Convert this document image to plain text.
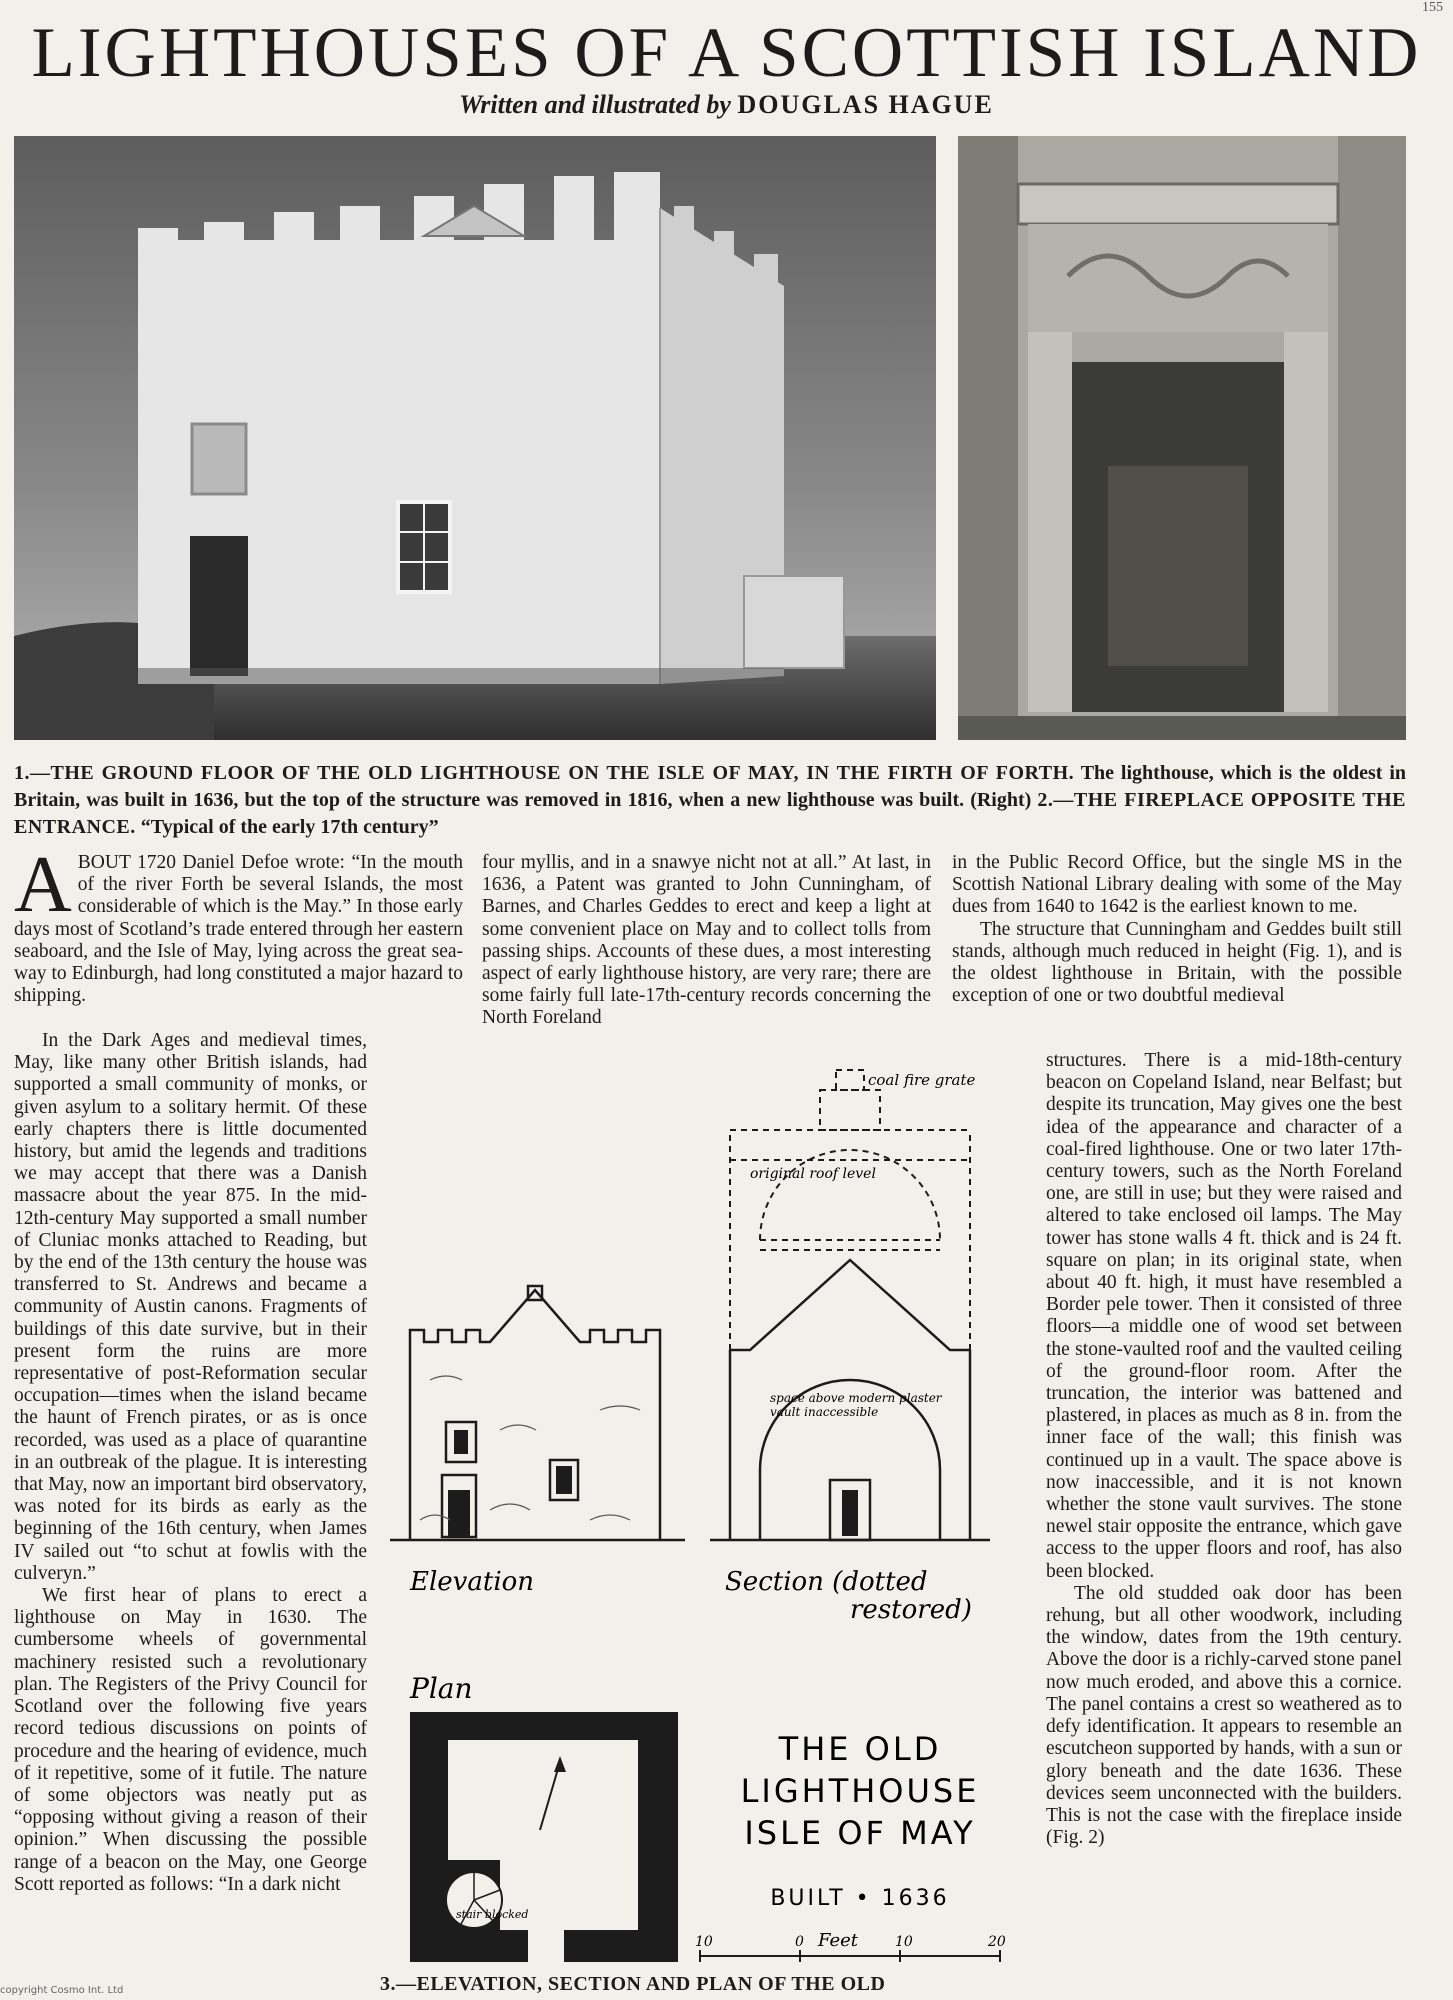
155
LIGHTHOUSES OF A SCOTTISH ISLAND
Written and illustrated by DOUGLAS HAGUE
1.—THE GROUND FLOOR OF THE OLD LIGHTHOUSE ON THE ISLE OF MAY, IN THE FIRTH OF FORTH. The lighthouse, which is the oldest in Britain, was built in 1636, but the top of the structure was removed in 1816, when a new lighthouse was built. (Right) 2.—THE FIREPLACE OPPOSITE THE ENTRANCE. “Typical of the early 17th century”

ABOUT 1720 Daniel Defoe wrote: “In the mouth of the river Forth be several Islands, the most considerable of which is the May.” In those early days most of Scotland’s trade entered through her eastern seaboard, and the Isle of May, lying across the great sea-way to Edinburgh, had long constituted a major hazard to shipping.

In the Dark Ages and medieval times, May, like many other British islands, had supported a small community of monks, or given asylum to a solitary hermit. Of these early chapters there is little documented history, but amid the legends and traditions we may accept that there was a Danish massacre about the year 875. In the mid-12th-century May supported a small number of Cluniac monks attached to Reading, but by the end of the 13th century the house was transferred to St. Andrews and became a community of Austin canons. Fragments of buildings of this date survive, but in their present form the ruins are more representative of post-Reformation secular occupation—times when the island became the haunt of French pirates, or as is once recorded, was used as a place of quarantine in an outbreak of the plague. It is interesting that May, now an important bird observatory, was noted for its birds as early as the beginning of the 16th century, when James IV sailed out “to schut at fowlis with the culveryn.”

We first hear of plans to erect a lighthouse on May in 1630. The cumbersome wheels of governmental machinery resisted such a revolutionary plan. The Registers of the Privy Council for Scotland over the following five years record tedious discussions on points of procedure and the hearing of evidence, much of it repetitive, some of it futile. The nature of some objectors was neatly put as “opposing without giving a reason of their opinion.” When discussing the possible range of a beacon on the May, one George Scott reported as follows: “In a dark nicht

four myllis, and in a snawye nicht not at all.” At last, in 1636, a Patent was granted to John Cunningham, of Barnes, and Charles Geddes to erect and keep a light at some convenient place on May and to collect tolls from passing ships. Accounts of these dues, a most interesting aspect of early lighthouse history, are very rare; there are some fairly full late-17th-century records concerning the North Foreland

in the Public Record Office, but the single MS in the Scottish National Library dealing with some of the May dues from 1640 to 1642 is the earliest known to me.

The structure that Cunningham and Geddes built still stands, although much reduced in height (Fig. 1), and is the oldest lighthouse in Britain, with the possible exception of one or two doubtful medieval

structures. There is a mid-18th-century beacon on Copeland Island, near Belfast; but despite its truncation, May gives one the best idea of the appearance and character of a coal-fired lighthouse. One or two later 17th-century towers, such as the North Foreland one, are still in use; but they were raised and altered to take enclosed oil lamps. The May tower has stone walls 4 ft. thick and is 24 ft. square on plan; in its original state, when about 40 ft. high, it must have resembled a Border pele tower. Then it consisted of three floors—a middle one of wood set between the stone-vaulted roof and the vaulted ceiling of the ground-floor room. After the truncation, the interior was battened and plastered, in places as much as 8 in. from the inner face of the wall; this finish was continued up in a vault. The space above is now inaccessible, and it is not known whether the stone vault survives. The stone newel stair opposite the entrance, which gave access to the upper floors and roof, has also been blocked.

The old studded oak door has been rehung, but all other woodwork, including the window, dates from the 19th century. Above the door is a richly-carved stone panel now much eroded, and above this a cornice. The panel contains a crest so weathered as to defy identification. It appears to resemble an escutcheon supported by hands, with a sun or glory beneath and the date 1636. These devices seem unconnected with the builders. This is not the case with the fireplace inside (Fig. 2)

Elevation
coal fire grate
original roof level
space above modern plaster
vault inaccessible
Section (dotted
restored)
Plan
stair blocked
THE OLD
LIGHTHOUSE
ISLE OF MAY
BUILT • 1636
10	0 Feet	10	20
3.—ELEVATION, SECTION AND PLAN OF THE OLD
copyright Cosmo Int. Ltd
